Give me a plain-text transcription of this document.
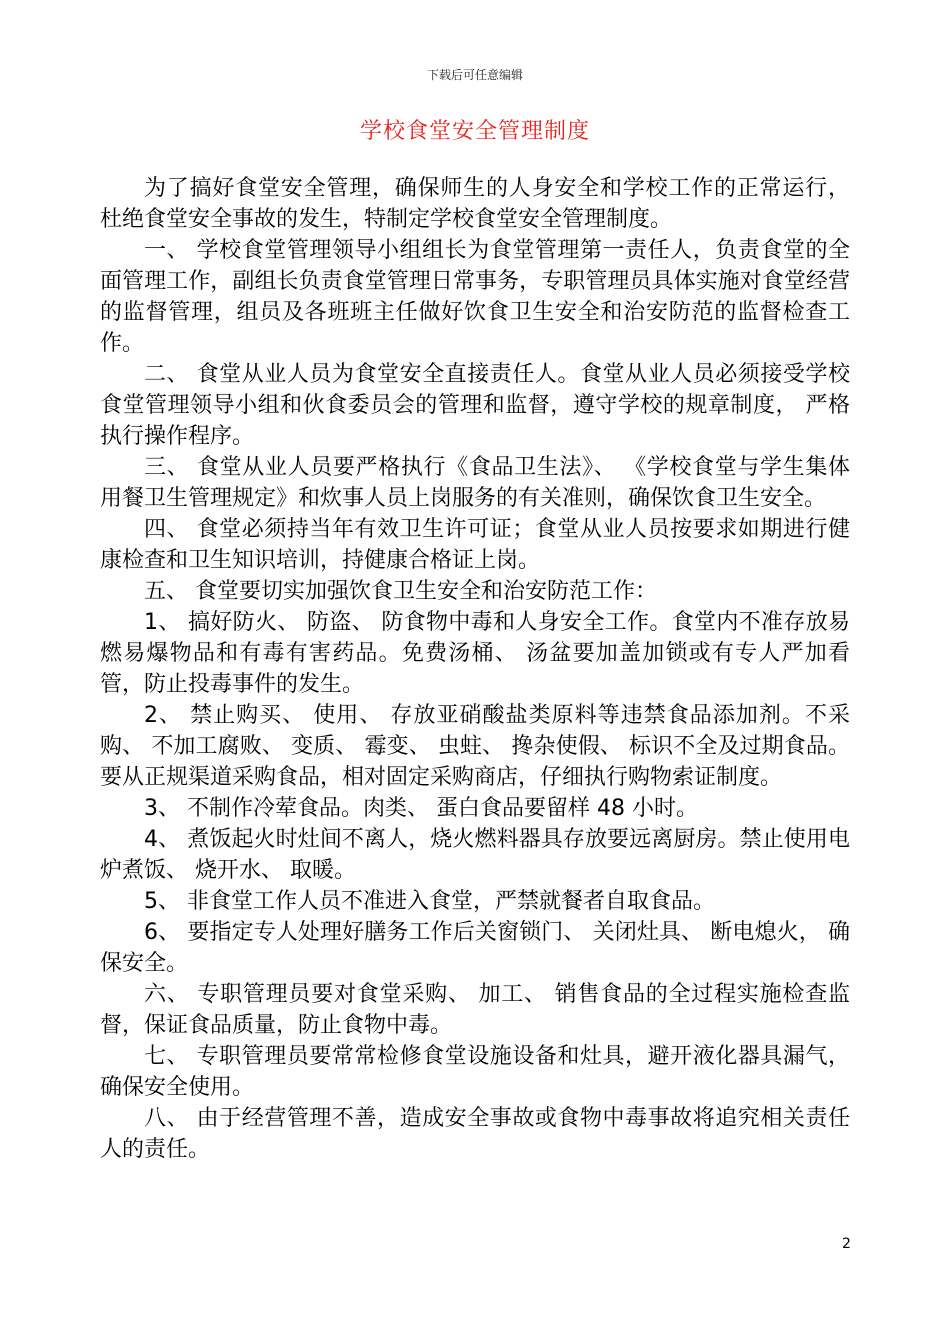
下载后可任意编辑
学校食堂安全管理制度

为了搞好食堂安全管理，确保师生的人身安全和学校工作的正常运行， 杜绝食堂安全事故的发生，特制定学校食堂安全管理制度。

一、 学校食堂管理领导小组组长为食堂管理第一责任人，负责食堂的全面管理工作，副组长负责食堂管理日常事务，专职管理员具体实施对食堂经营的监督管理，组员及各班班主任做好饮食卫生安全和治安防范的监督检查工作。

二、 食堂从业人员为食堂安全直接责任人。食堂从业人员必须接受学校食堂管理领导小组和伙食委员会的管理和监督，遵守学校的规章制度， 严格执行操作程序。

三、 食堂从业人员要严格执行《食品卫生法》、 《学校食堂与学生集体用餐卫生管理规定》和炊事人员上岗服务的有关准则，确保饮食卫生安全。

四、 食堂必须持当年有效卫生许可证；食堂从业人员按要求如期进行健康检查和卫生知识培训，持健康合格证上岗。

五、 食堂要切实加强饮食卫生安全和治安防范工作：

1、 搞好防火、 防盗、 防食物中毒和人身安全工作。食堂内不准存放易燃易爆物品和有毒有害药品。免费汤桶、 汤盆要加盖加锁或有专人严加看管，防止投毒事件的发生。

2、 禁止购买、 使用、 存放亚硝酸盐类原料等违禁食品添加剂。不采购、 不加工腐败、 变质、 霉变、 虫蛀、 搀杂使假、 标识不全及过期食品。要从正规渠道采购食品，相对固定采购商店，仔细执行购物索证制度。

3、 不制作冷荤食品。肉类、 蛋白食品要留样 48 小时。

4、 煮饭起火时灶间不离人，烧火燃料器具存放要远离厨房。禁止使用电炉煮饭、 烧开水、 取暖。

5、 非食堂工作人员不准进入食堂，严禁就餐者自取食品。

6、 要指定专人处理好膳务工作后关窗锁门、 关闭灶具、 断电熄火， 确保安全。

六、 专职管理员要对食堂采购、 加工、 销售食品的全过程实施检查监督，保证食品质量，防止食物中毒。

七、 专职管理员要常常检修食堂设施设备和灶具，避开液化器具漏气，确保安全使用。

八、 由于经营管理不善，造成安全事故或食物中毒事故将追究相关责任人的责任。

2
